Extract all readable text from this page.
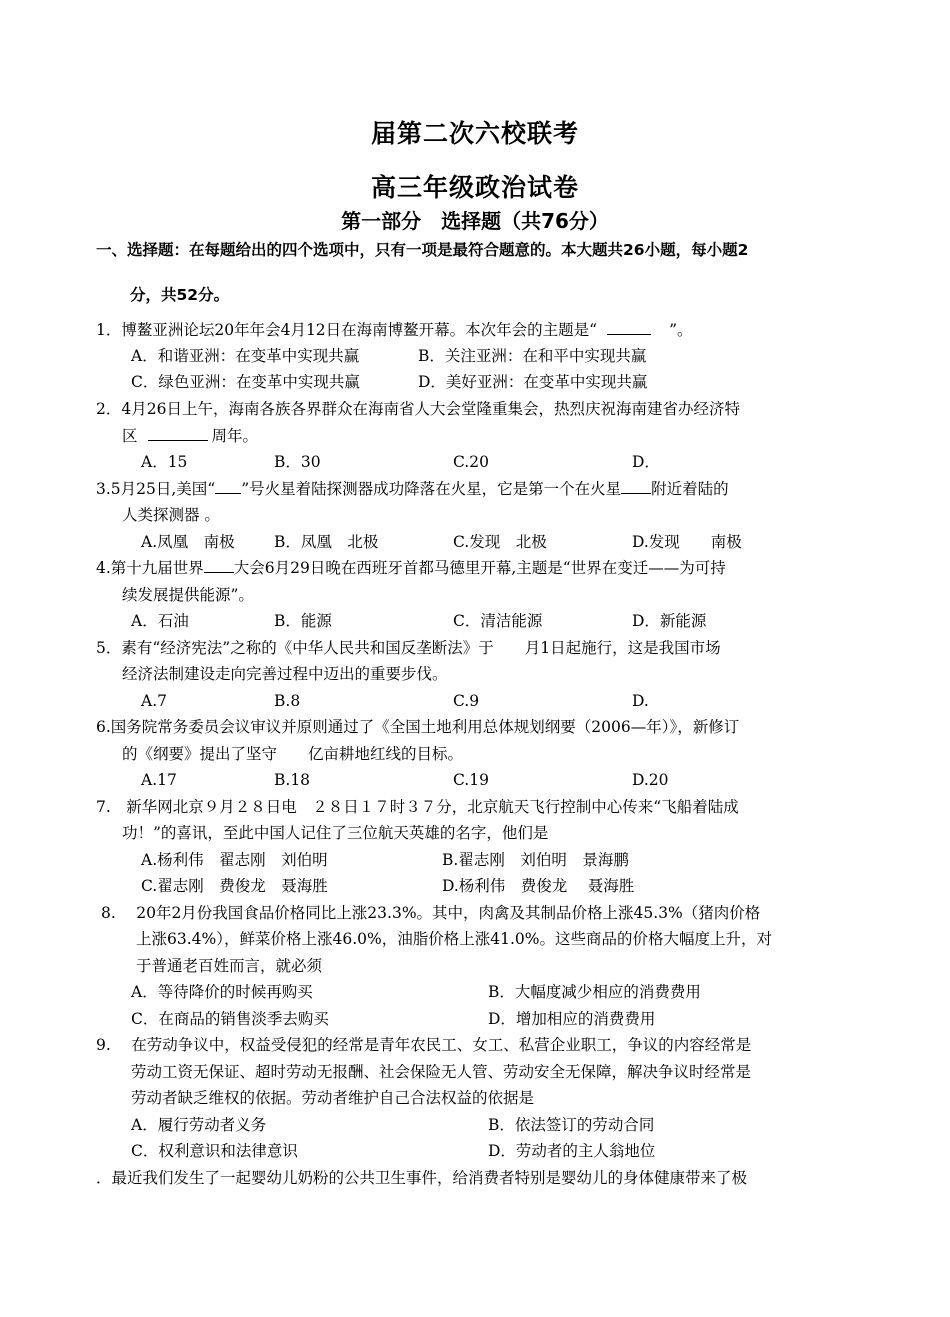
届第二次六校联考
高三年级政治试卷
第一部分　选择题（共76分）
一、选择题：在每题给出的四个选项中，只有一项是最符合题意的。本大题共26小题，每小题2
分，共52分。
1．博鳌亚洲论坛20年年会4月12日在海南博鳌开幕。本次年会的主题是“	”。
A．和谐亚洲：在变革中实现共赢	B．关注亚洲：在和平中实现共赢
C．绿色亚洲：在变革中实现共赢	D．美好亚洲：在变革中实现共赢
2．4月26日上午，海南各族各界群众在海南省人大会堂隆重集会，热烈庆祝海南建省办经济特
区	周年。
A．15	B．30	C.20	D．
3.5月25日,美国“ ”号火星着陆探测器成功降落在火星，它是第一个在火星 附近着陆的
人类探测器 。
A.凤凰　南极	B．凤凰　北极	C.发现　北极	D.发现　　南极
4.第十九届世界 大会6月29日晚在西班牙首都马德里开幕,主题是“世界在变迁——为可持
续发展提供能源”。
A．石油	B．能源	C．清洁能源	D．新能源
5．素有“经济宪法”之称的《中华人民共和国反垄断法》于　　月1日起施行，这是我国市场
经济法制建设走向完善过程中迈出的重要步伐。
A.7	B.8	C.9	D.
6.国务院常务委员会议审议并原则通过了《全国土地利用总体规划纲要（2006—年）》，新修订
的《纲要》提出了坚守　　亿亩耕地红线的目标。
A.17	B.18	C.19	D.20
7.　新华网北京９月２８日电　２８日１７时３７分，北京航天飞行控制中心传来“飞船着陆成
功！”的喜讯，至此中国人记住了三位航天英雄的名字，他们是
A.杨利伟　翟志刚　刘伯明	B.翟志刚　刘伯明　景海鹏
C.翟志刚　费俊龙　聂海胜	D.杨利伟　费俊龙　 聂海胜
8.　 20年2月份我国食品价格同比上涨23.3%。其中，肉禽及其制品价格上涨45.3%（猪肉价格
上涨63.4%），鲜菜价格上涨46.0%，油脂价格上涨41.0%。这些商品的价格大幅度上升，对
于普通老百姓而言，就必须
A．等待降价的时候再购买	B．大幅度减少相应的消费费用
C．在商品的销售淡季去购买	D．增加相应的消费费用
9.　 在劳动争议中，权益受侵犯的经常是青年农民工、女工、私营企业职工，争议的内容经常是
劳动工资无保证、超时劳动无报酬、社会保险无人管、劳动安全无保障，解决争议时经常是
劳动者缺乏维权的依据。劳动者维护自己合法权益的依据是
A．履行劳动者义务	B．依法签订的劳动合同
C．权利意识和法律意识	D．劳动者的主人翁地位
．最近我们发生了一起婴幼儿奶粉的公共卫生事件，给消费者特别是婴幼儿的身体健康带来了极
